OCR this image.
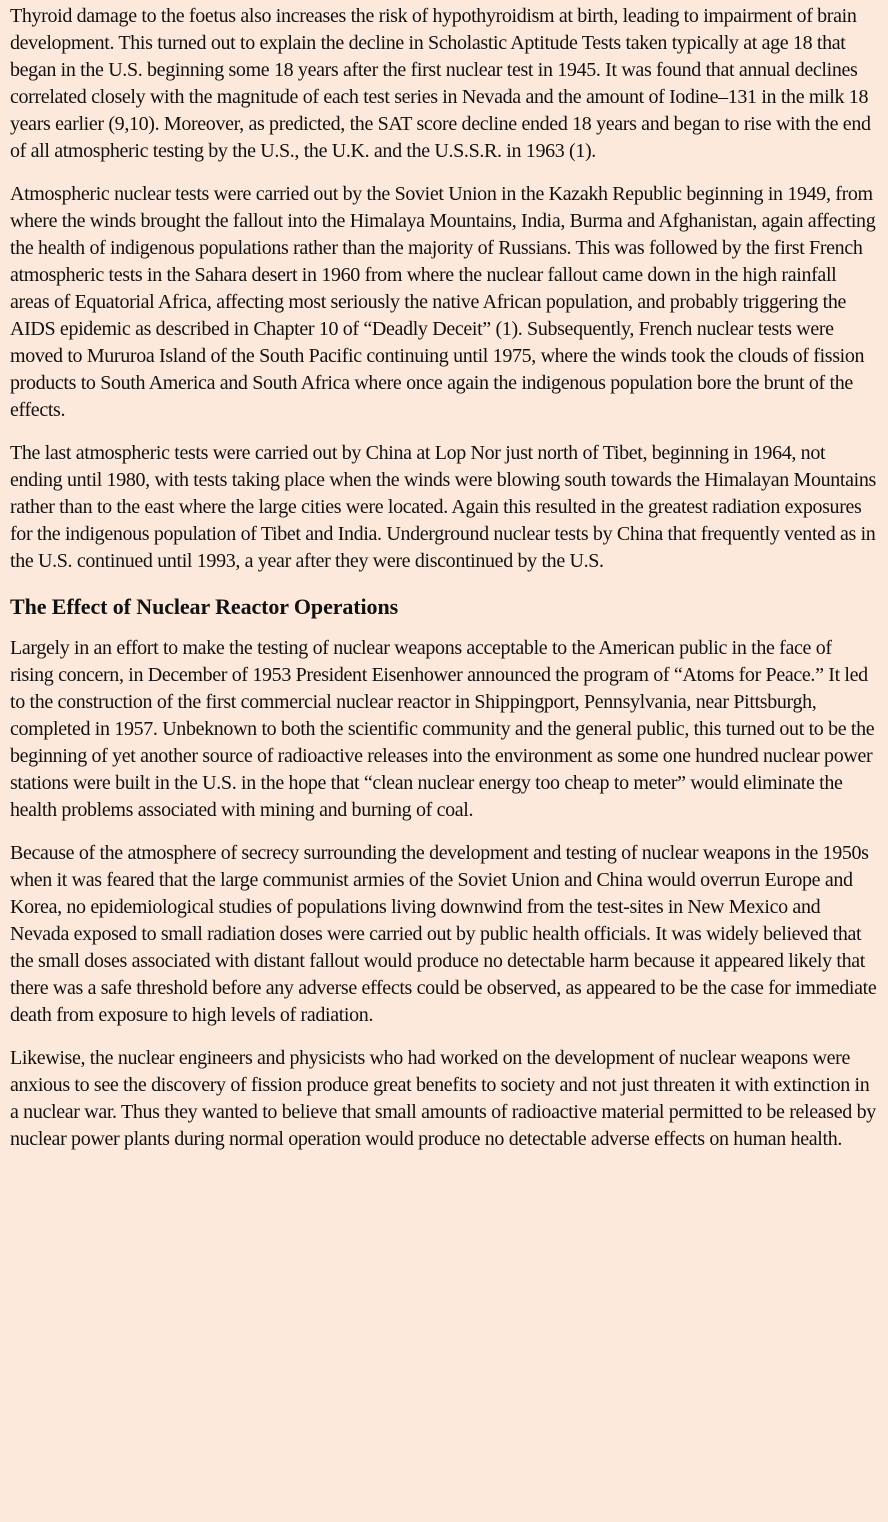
Thyroid damage to the foetus also increases the risk of hypothyroidism at birth, leading to impairment of brain development. This turned out to explain the decline in Scholastic Aptitude Tests taken typically at age 18 that began in the U.S. beginning some 18 years after the first nuclear test in 1945. It was found that annual declines correlated closely with the magnitude of each test series in Nevada and the amount of Iodine–131 in the milk 18 years earlier (9,10). Moreover, as predicted, the SAT score decline ended 18 years and began to rise with the end of all atmospheric testing by the U.S., the U.K. and the U.S.S.R. in 1963 (1).

Atmospheric nuclear tests were carried out by the Soviet Union in the Kazakh Republic beginning in 1949, from where the winds brought the fallout into the Himalaya Mountains, India, Burma and Afghanistan, again affecting the health of indigenous populations rather than the majority of Russians. This was followed by the first French atmospheric tests in the Sahara desert in 1960 from where the nuclear fallout came down in the high rainfall areas of Equatorial Africa, affecting most seriously the native African population, and probably triggering the AIDS epidemic as described in Chapter 10 of “Deadly Deceit” (1). Subsequently, French nuclear tests were moved to Mururoa Island of the South Pacific continuing until 1975, where the winds took the clouds of fission products to South America and South Africa where once again the indigenous population bore the brunt of the effects.

The last atmospheric tests were carried out by China at Lop Nor just north of Tibet, beginning in 1964, not ending until 1980, with tests taking place when the winds were blowing south towards the Himalayan Mountains rather than to the east where the large cities were located. Again this resulted in the greatest radiation exposures for the indigenous population of Tibet and India. Underground nuclear tests by China that frequently vented as in the U.S. continued until 1993, a year after they were discontinued by the U.S.

The Effect of Nuclear Reactor Operations

Largely in an effort to make the testing of nuclear weapons acceptable to the American public in the face of rising concern, in December of 1953 President Eisenhower announced the program of “Atoms for Peace.” It led to the construction of the first commercial nuclear reactor in Shippingport, Pennsylvania, near Pittsburgh, completed in 1957. Unbeknown to both the scientific community and the general public, this turned out to be the beginning of yet another source of radioactive releases into the environment as some one hundred nuclear power stations were built in the U.S. in the hope that “clean nuclear energy too cheap to meter” would eliminate the health problems associated with mining and burning of coal.

Because of the atmosphere of secrecy surrounding the development and testing of nuclear weapons in the 1950s when it was feared that the large communist armies of the Soviet Union and China would overrun Europe and Korea, no epidemiological studies of populations living downwind from the test-sites in New Mexico and Nevada exposed to small radiation doses were carried out by public health officials. It was widely believed that the small doses associated with distant fallout would produce no detectable harm because it appeared likely that there was a safe threshold before any adverse effects could be observed, as appeared to be the case for immediate death from exposure to high levels of radiation.

Likewise, the nuclear engineers and physicists who had worked on the development of nuclear weapons were anxious to see the discovery of fission produce great benefits to society and not just threaten it with extinction in a nuclear war. Thus they wanted to believe that small amounts of radioactive material permitted to be released by nuclear power plants during normal operation would produce no detectable adverse effects on human health.
